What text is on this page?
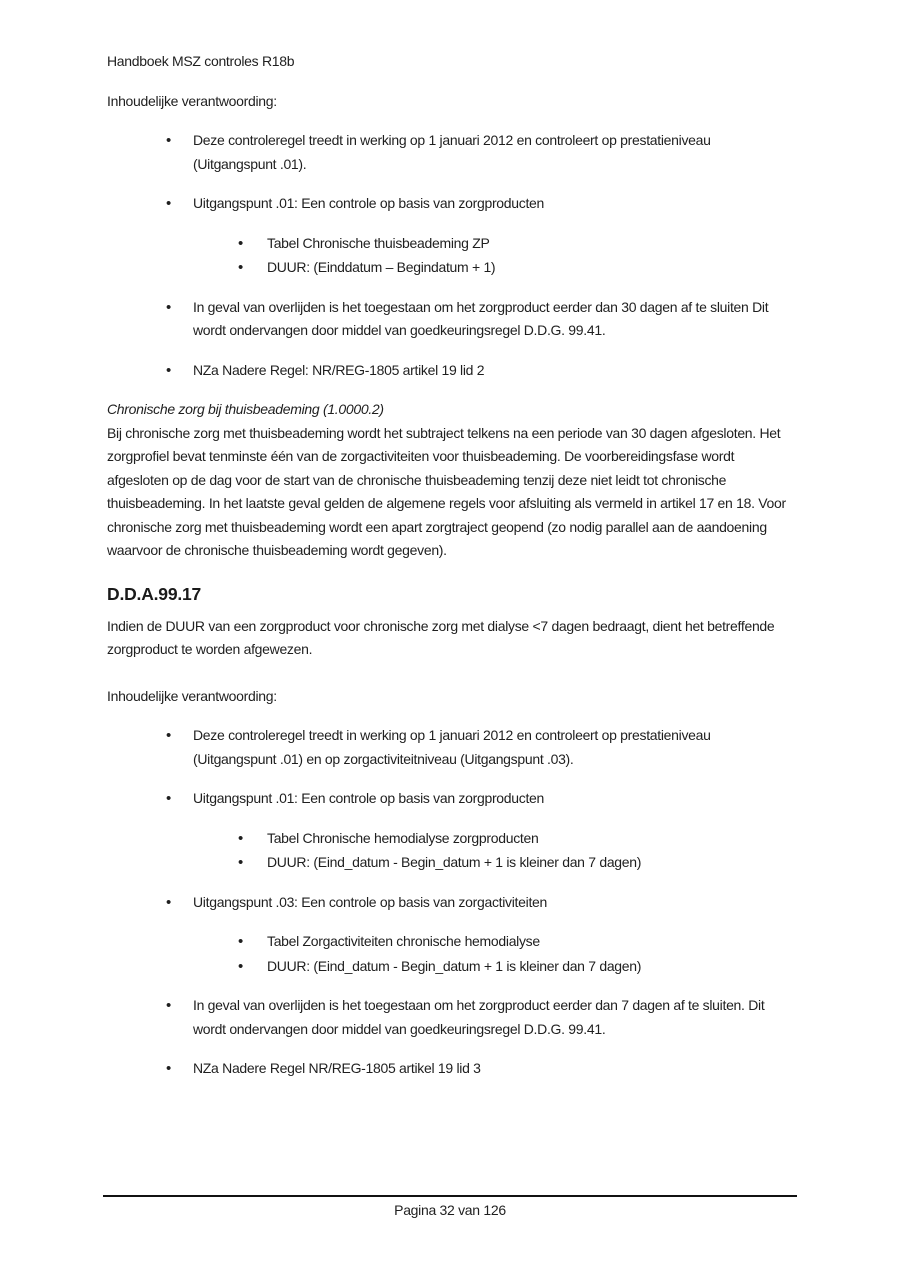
Handboek MSZ controles R18b
Inhoudelijke verantwoording:
• Deze controleregel treedt in werking op 1 januari 2012 en controleert op prestatieniveau (Uitgangspunt .01).
• Uitgangspunt .01: Een controle op basis van zorgproducten
• Tabel Chronische thuisbeademing ZP
• DUUR: (Einddatum – Begindatum + 1)
• In geval van overlijden is het toegestaan om het zorgproduct eerder dan 30 dagen af te sluiten Dit wordt ondervangen door middel van goedkeuringsregel D.D.G. 99.41.
• NZa Nadere Regel: NR/REG-1805 artikel 19 lid 2
Chronische zorg bij thuisbeademing (1.0000.2)
Bij chronische zorg met thuisbeademing wordt het subtraject telkens na een periode van 30 dagen afgesloten. Het zorgprofiel bevat tenminste één van de zorgactiviteiten voor thuisbeademing. De voorbereidingsfase wordt afgesloten op de dag voor de start van de chronische thuisbeademing tenzij deze niet leidt tot chronische thuisbeademing. In het laatste geval gelden de algemene regels voor afsluiting als vermeld in artikel 17 en 18. Voor chronische zorg met thuisbeademing wordt een apart zorgtraject geopend (zo nodig parallel aan de aandoening waarvoor de chronische thuisbeademing wordt gegeven).
D.D.A.99.17
Indien de DUUR van een zorgproduct voor chronische zorg met dialyse <7 dagen bedraagt, dient het betreffende zorgproduct te worden afgewezen.
Inhoudelijke verantwoording:
• Deze controleregel treedt in werking op 1 januari 2012 en controleert op prestatieniveau (Uitgangspunt .01) en op zorgactiviteitniveau (Uitgangspunt .03).
• Uitgangspunt .01: Een controle op basis van zorgproducten
• Tabel Chronische hemodialyse zorgproducten
• DUUR: (Eind_datum - Begin_datum + 1 is kleiner dan 7 dagen)
• Uitgangspunt .03: Een controle op basis van zorgactiviteiten
• Tabel Zorgactiviteiten chronische hemodialyse
• DUUR: (Eind_datum - Begin_datum + 1 is kleiner dan 7 dagen)
• In geval van overlijden is het toegestaan om het zorgproduct eerder dan 7 dagen af te sluiten. Dit wordt ondervangen door middel van goedkeuringsregel D.D.G. 99.41.
• NZa Nadere Regel NR/REG-1805 artikel 19 lid 3
Pagina 32 van 126
